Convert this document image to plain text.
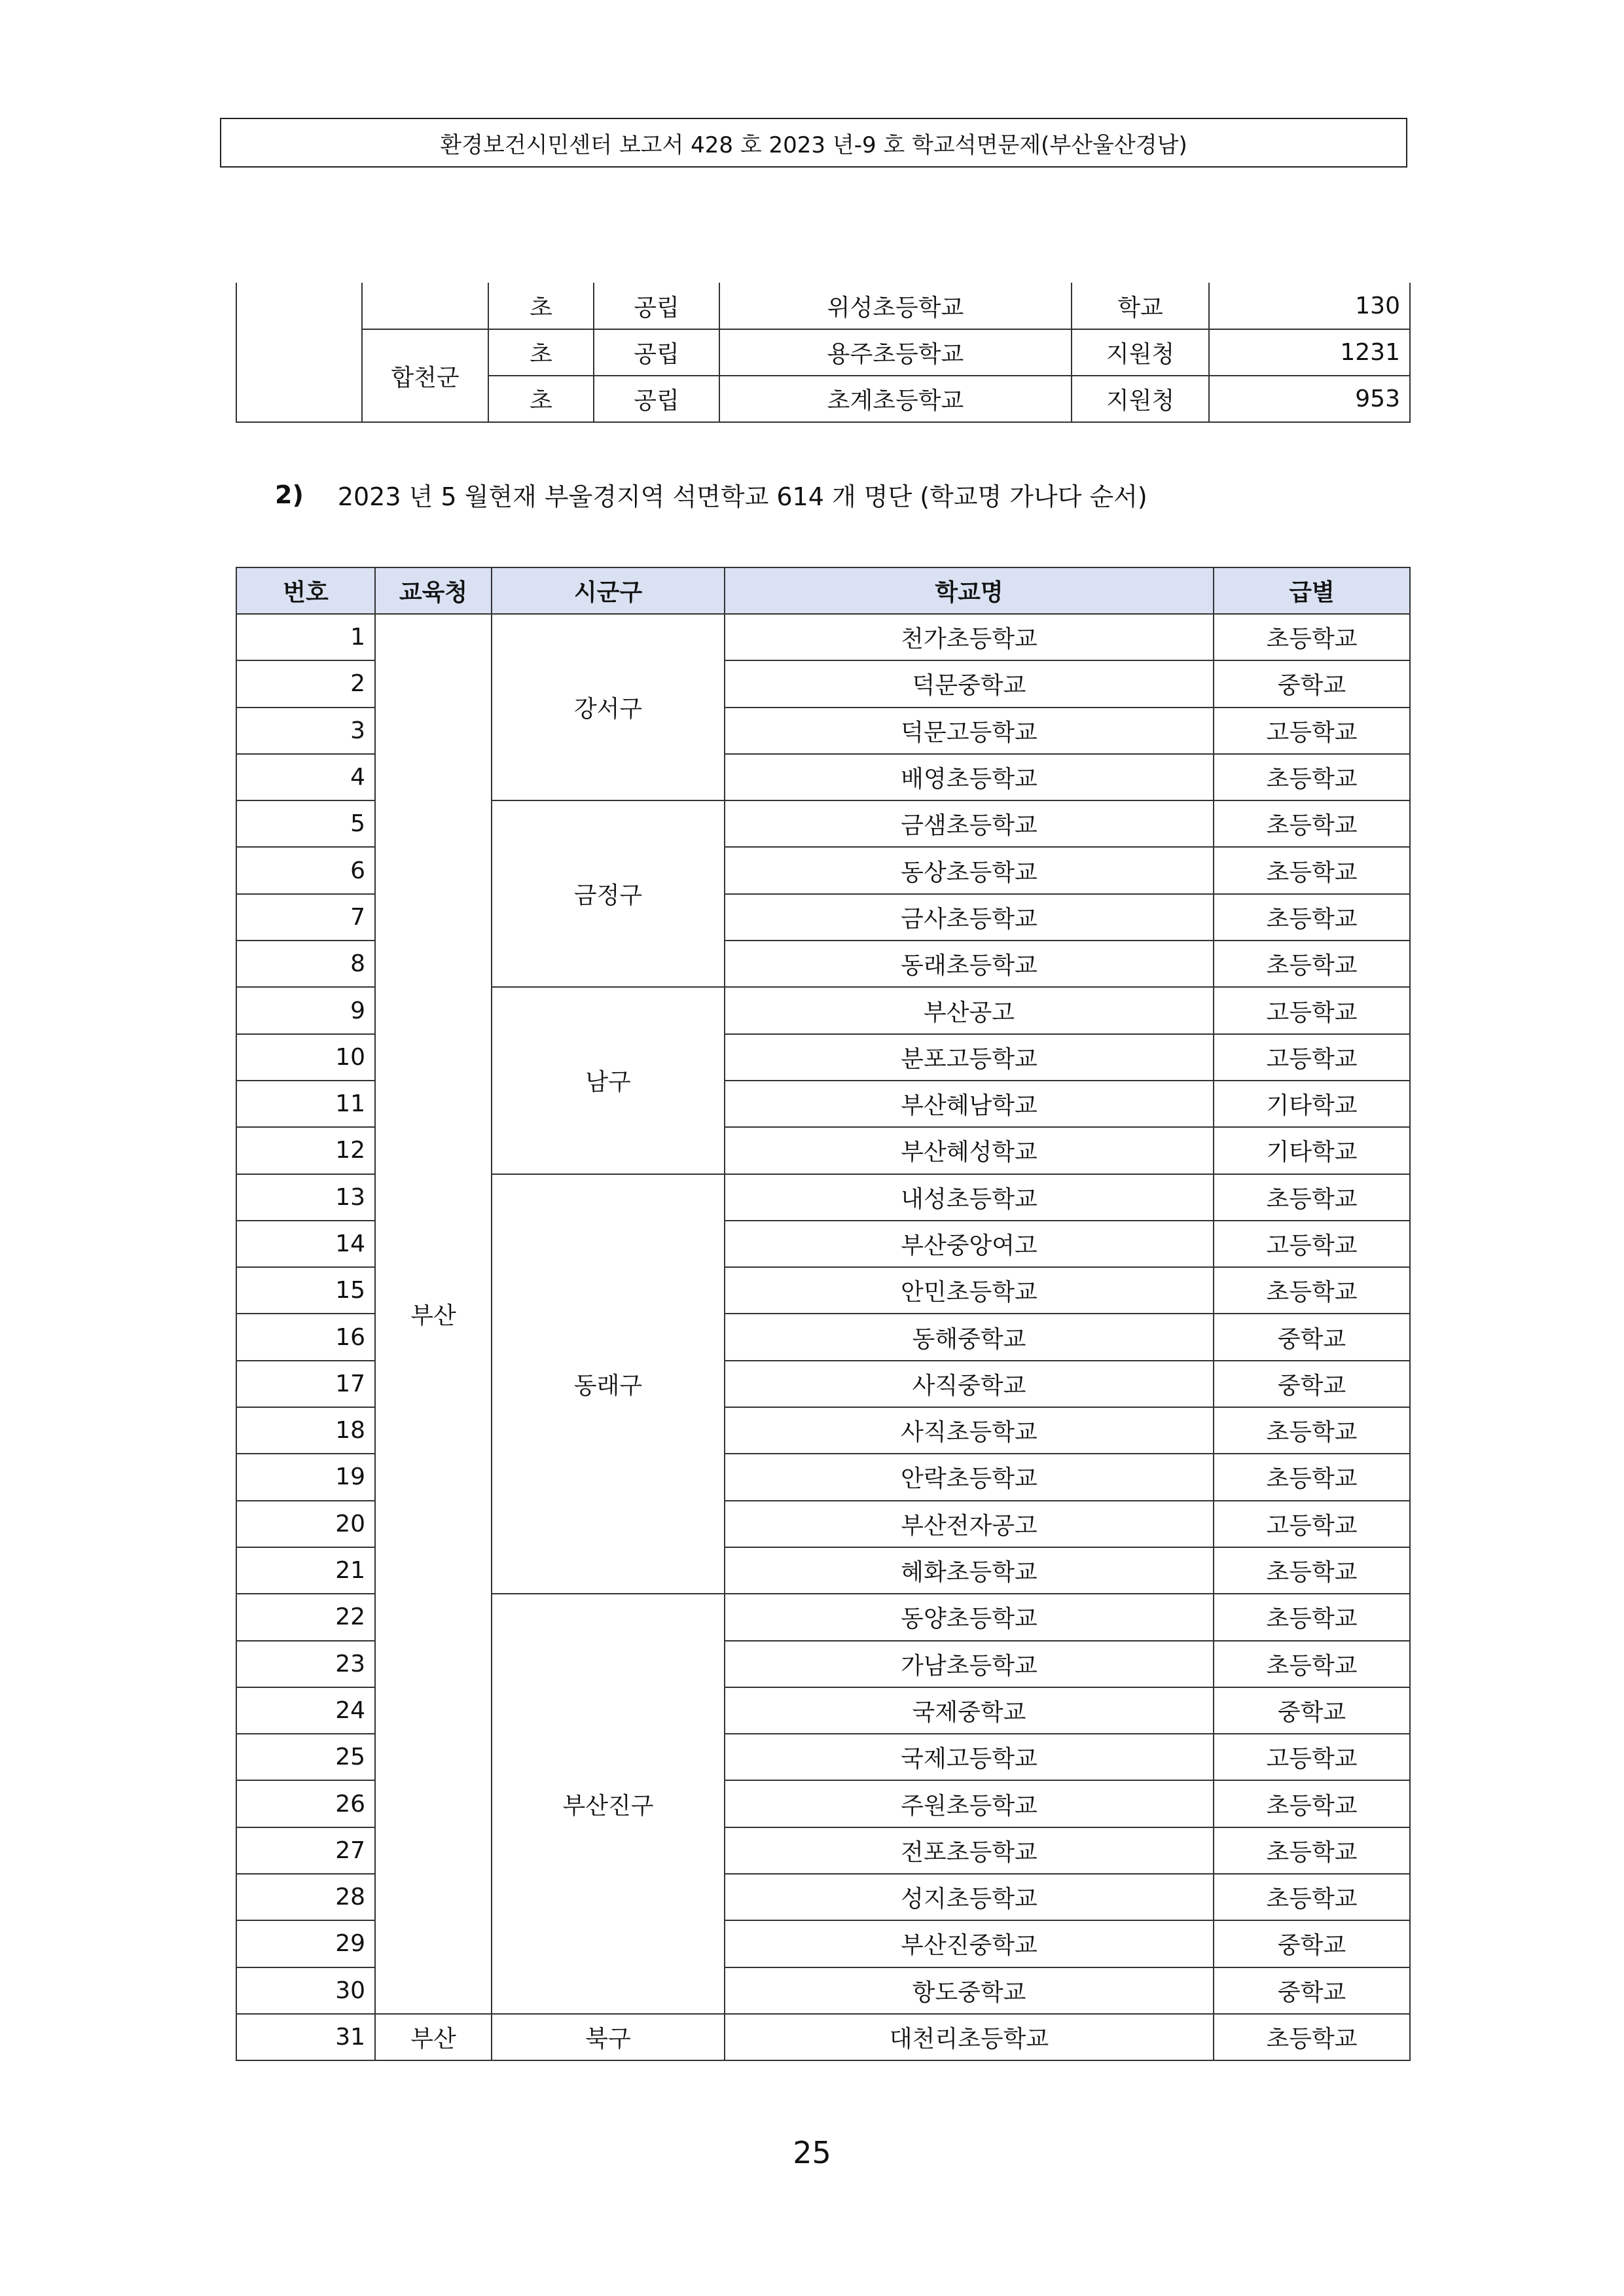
환경보건시민센터 보고서 428 호 2023 년-9 호 학교석면문제(부산울산경남)
		초	공립	위성초등학교	학교	130
	합천군	초	공립	용주초등학교	지원청	1231
		초	공립	초계초등학교	지원청	953
2) 2023 년 5 월현재 부울경지역 석면학교 614 개 명단 (학교명 가나다 순서)
번호	교육청	시군구	학교명	급별
1	부산	강서구	천가초등학교	초등학교
2			덕문중학교	중학교
3			덕문고등학교	고등학교
4			배영초등학교	초등학교
5		금정구	금샘초등학교	초등학교
6			동상초등학교	초등학교
7			금사초등학교	초등학교
8			동래초등학교	초등학교
9		남구	부산공고	고등학교
10			분포고등학교	고등학교
11			부산혜남학교	기타학교
12			부산혜성학교	기타학교
13		동래구	내성초등학교	초등학교
14			부산중앙여고	고등학교
15			안민초등학교	초등학교
16			동해중학교	중학교
17			사직중학교	중학교
18			사직초등학교	초등학교
19			안락초등학교	초등학교
20			부산전자공고	고등학교
21			혜화초등학교	초등학교
22		부산진구	동양초등학교	초등학교
23			가남초등학교	초등학교
24			국제중학교	중학교
25			국제고등학교	고등학교
26			주원초등학교	초등학교
27			전포초등학교	초등학교
28			성지초등학교	초등학교
29			부산진중학교	중학교
30			항도중학교	중학교
31	부산	북구	대천리초등학교	초등학교
25
